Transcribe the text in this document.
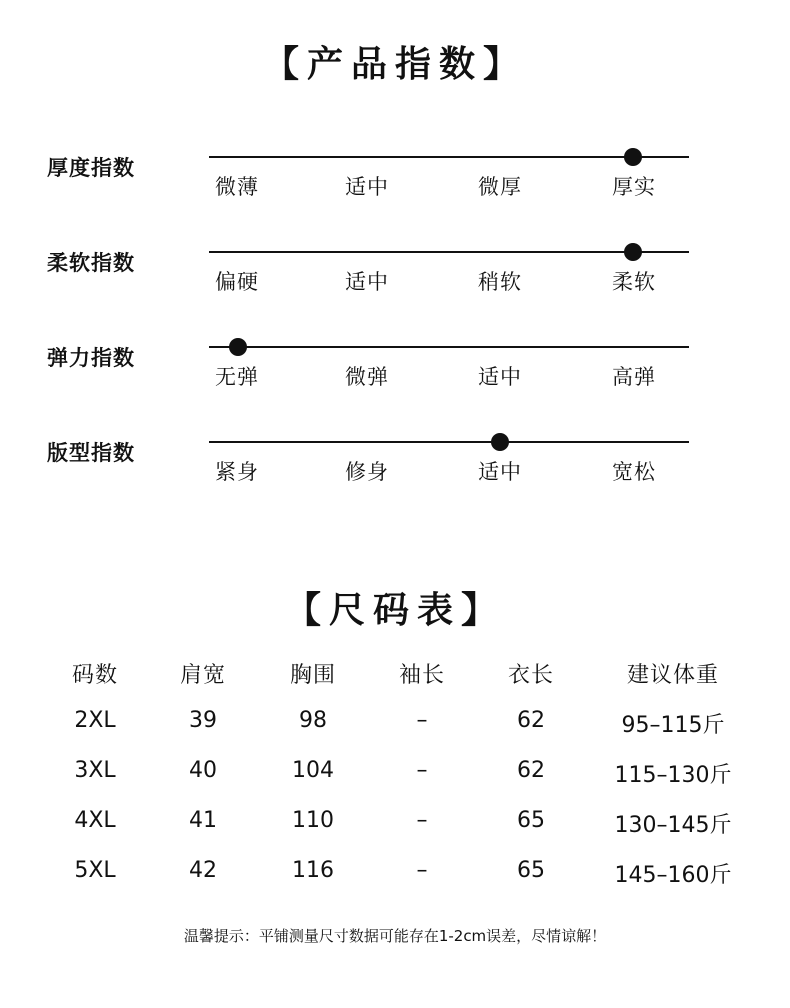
【产品指数】
厚度指数
微薄	适中	微厚	厚实
柔软指数
偏硬	适中	稍软	柔软
弹力指数
无弹	微弹	适中	高弹
版型指数
紧身	修身	适中	宽松
【尺码表】
码数	肩宽	胸围	袖长	衣长	建议体重
2XL	39	98	–	62	95–115斤
3XL	40	104	–	62	115–130斤
4XL	41	110	–	65	130–145斤
5XL	42	116	–	65	145–160斤
温馨提示：平铺测量尺寸数据可能存在1-2cm误差，尽情谅解！
